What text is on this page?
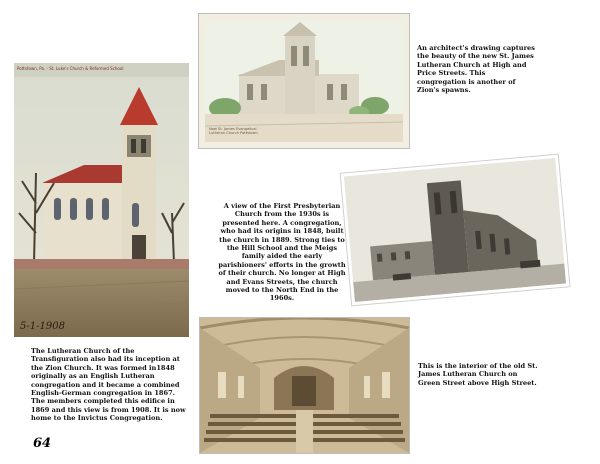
Pottstown, Pa. - St. Luke's Church & Reformed School
5-1-1908
New St. James Evangelical Lutheran Church Pottstown

An architect's drawing captures the beauty of the new St. James Lutheran Church at High and Price Streets. This congregation is another of Zion's spawns.

A view of the First Presbyterian Church from the 1930s is presented here. A congregation, who had its origins in 1848, built the church in 1889. Strong ties to the Hill School and the Meigs family aided the early parishioners' efforts in the growth of their church. No longer at High and Evans Streets, the church moved to the North End in the 1960s.

The Lutheran Church of the Transfiguration also had its inception at the Zion Church. It was formed in1848 originally as an English Lutheran congregation and it became a combined English-German congregation in 1867. The members completed this edifice in 1869 and this view is from 1908. It is now home to the Invictus Congregation.

This is the interior of the old St. James Lutheran Church on Green Street above High Street.

64
